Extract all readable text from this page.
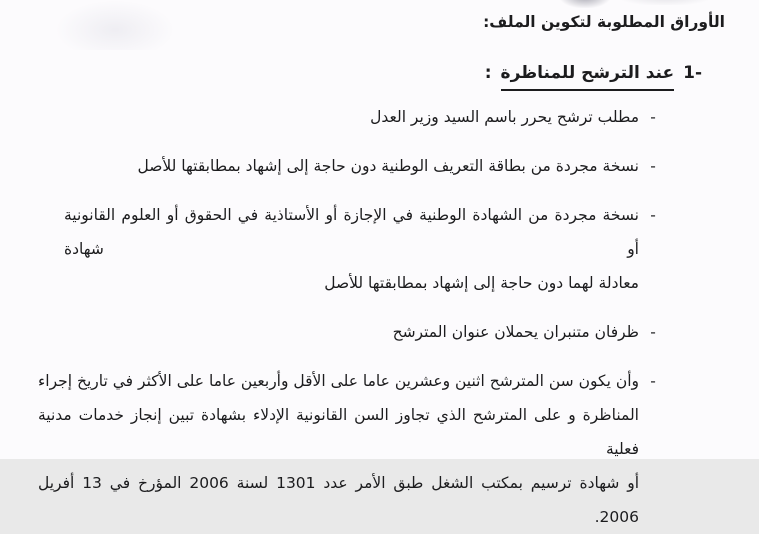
الأوراق المطلوبة لتكوين الملف:
1-
عند الترشح للمناظرة
:
-
مطلب ترشح يحرر باسم السيد وزير العدل
-
نسخة مجردة من بطاقة التعريف الوطنية دون حاجة إلى إشهاد بمطابقتها للأصل
-
نسخة مجردة من الشهادة الوطنية في الإجازة أو الأستاذية في الحقوق أو العلوم القانونية أو شهادة
معادلة لهما دون حاجة إلى إشهاد بمطابقتها للأصل
-
ظرفان متنبران يحملان عنوان المترشح
-
وأن يكون سن المترشح اثنين وعشرين عاما على الأقل وأربعين عاما على الأكثر في تاريخ إجراء
المناظرة و على المترشح الذي تجاوز السن القانونية الإدلاء بشهادة تبين إنجاز خدمات مدنية فعلية
أو شهادة ترسيم بمكتب الشغل طبق الأمر عدد 1301 لسنة 2006 المؤرخ في 13 أفريل 2006.
